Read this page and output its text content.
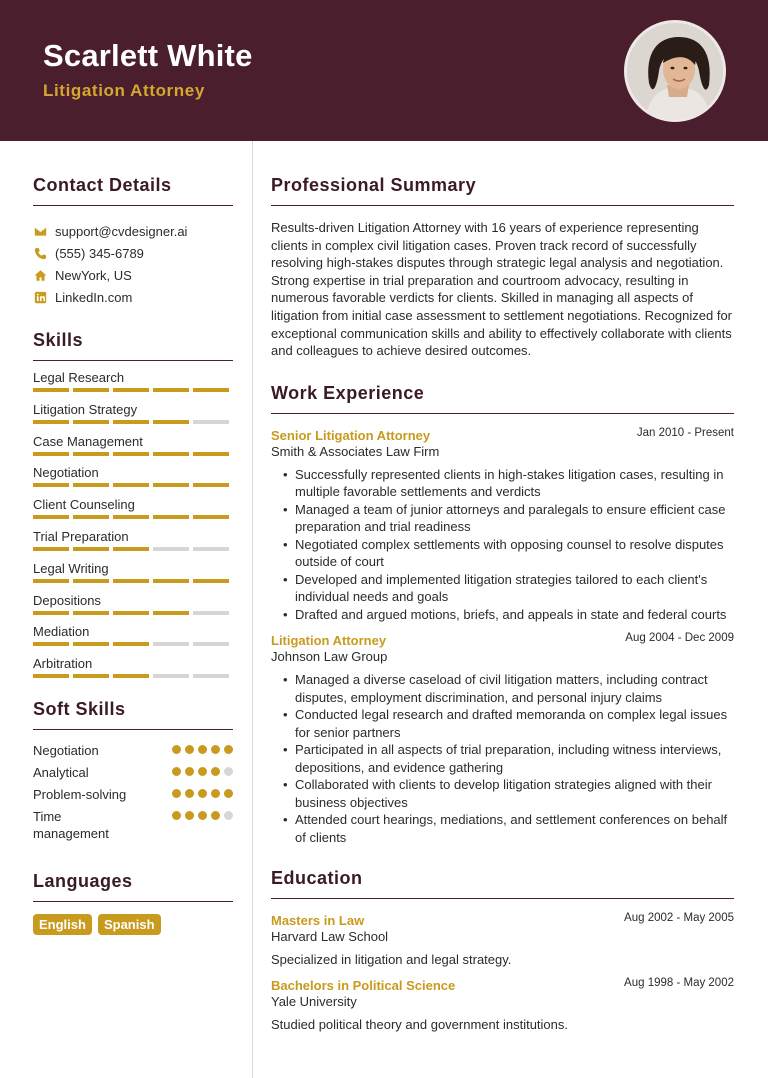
Scarlett White
Litigation Attorney
Contact Details
support@cvdesigner.ai
(555) 345-6789
NewYork, US
LinkedIn.com
Skills
Legal Research
Litigation Strategy
Case Management
Negotiation
Client Counseling
Trial Preparation
Legal Writing
Depositions
Mediation
Arbitration
Soft Skills
Negotiation
Analytical
Problem-solving
Time management
Languages
English	Spanish
Professional Summary
Results-driven Litigation Attorney with 16 years of experience representing clients in complex civil litigation cases. Proven track record of successfully resolving high-stakes disputes through strategic legal analysis and negotiation. Strong expertise in trial preparation and courtroom advocacy, resulting in numerous favorable verdicts for clients. Skilled in managing all aspects of litigation from initial case assessment to settlement negotiations. Recognized for exceptional communication skills and ability to effectively collaborate with clients and colleagues to achieve desired outcomes.
Work Experience
Senior Litigation Attorney	Jan 2010 - Present
Smith & Associates Law Firm
• Successfully represented clients in high-stakes litigation cases, resulting in multiple favorable settlements and verdicts
• Managed a team of junior attorneys and paralegals to ensure efficient case preparation and trial readiness
• Negotiated complex settlements with opposing counsel to resolve disputes outside of court
• Developed and implemented litigation strategies tailored to each client's individual needs and goals
• Drafted and argued motions, briefs, and appeals in state and federal courts
Litigation Attorney	Aug 2004 - Dec 2009
Johnson Law Group
• Managed a diverse caseload of civil litigation matters, including contract disputes, employment discrimination, and personal injury claims
• Conducted legal research and drafted memoranda on complex legal issues for senior partners
• Participated in all aspects of trial preparation, including witness interviews, depositions, and evidence gathering
• Collaborated with clients to develop litigation strategies aligned with their business objectives
• Attended court hearings, mediations, and settlement conferences on behalf of clients
Education
Masters in Law	Aug 2002 - May 2005
Harvard Law School
Specialized in litigation and legal strategy.
Bachelors in Political Science	Aug 1998 - May 2002
Yale University
Studied political theory and government institutions.
